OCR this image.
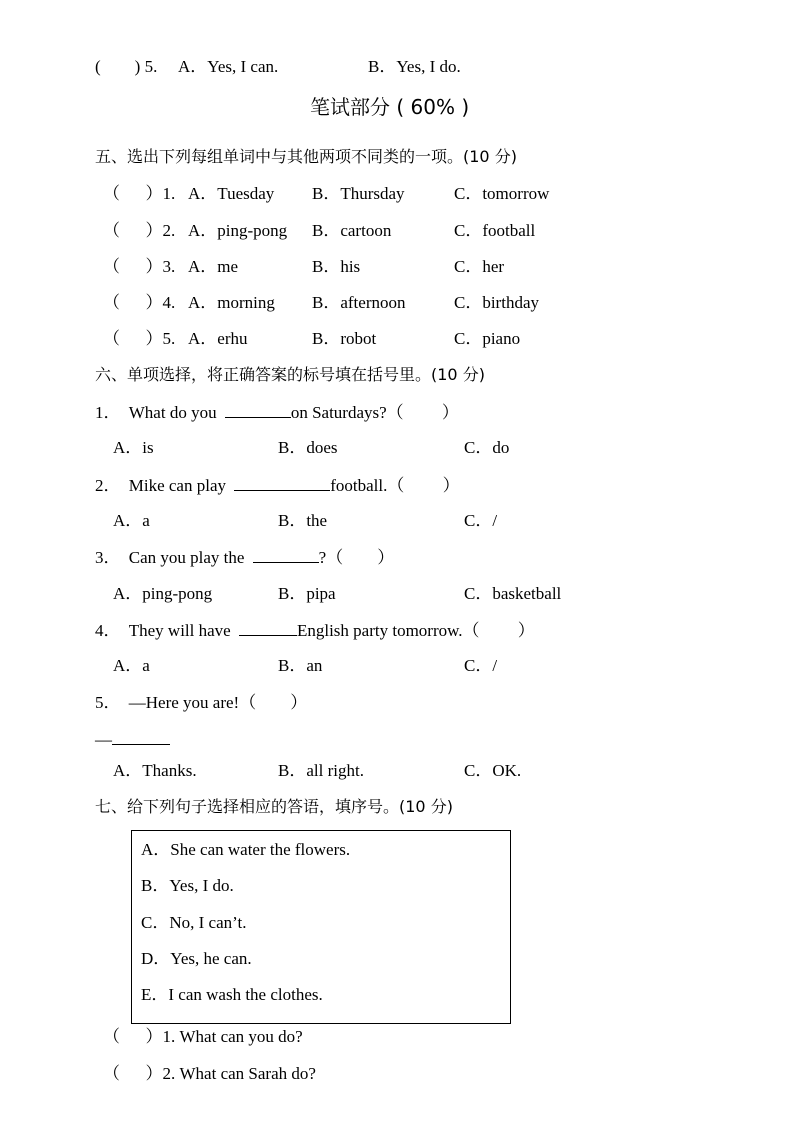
(        ) 5. A．Yes, I can.	B．Yes, I do.
笔试部分 ( 60% )
五、选出下列每组单词中与其他两项不同类的一项。(10 分)
（      ）1. A．Tuesday B．Thursday	C．tomorrow
（      ）2. A．ping-pong B．cartoon	C．football
（      ）3. A．me	B．his	C．her
（      ）4. A．morning B．afternoon	C．birthday
（      ）5. A．erhu	B．robot	C．piano
六、单项选择，将正确答案的标号填在括号里。(10 分)
1． What do you	on Saturdays?（         ）
A．is	B．does	C．do
2． Mike can play	football.（         ）
A．a	B．the	C．/
3． Can you play the	?（        ）
A．ping-pong	B．pipa	C．basketball
4． They will have	English party tomorrow.（         ）
A．a	B．an	C．/
5． —Here you are!（        ）
—
A．Thanks.	B．all right.	C．OK.
七、给下列句子选择相应的答语，填序号。(10 分)
A．She can water the flowers.
B．Yes, I do.
C．No, I can’t.
D．Yes, he can.
E．I can wash the clothes.
（      ）1. What can you do?
（      ）2. What can Sarah do?
